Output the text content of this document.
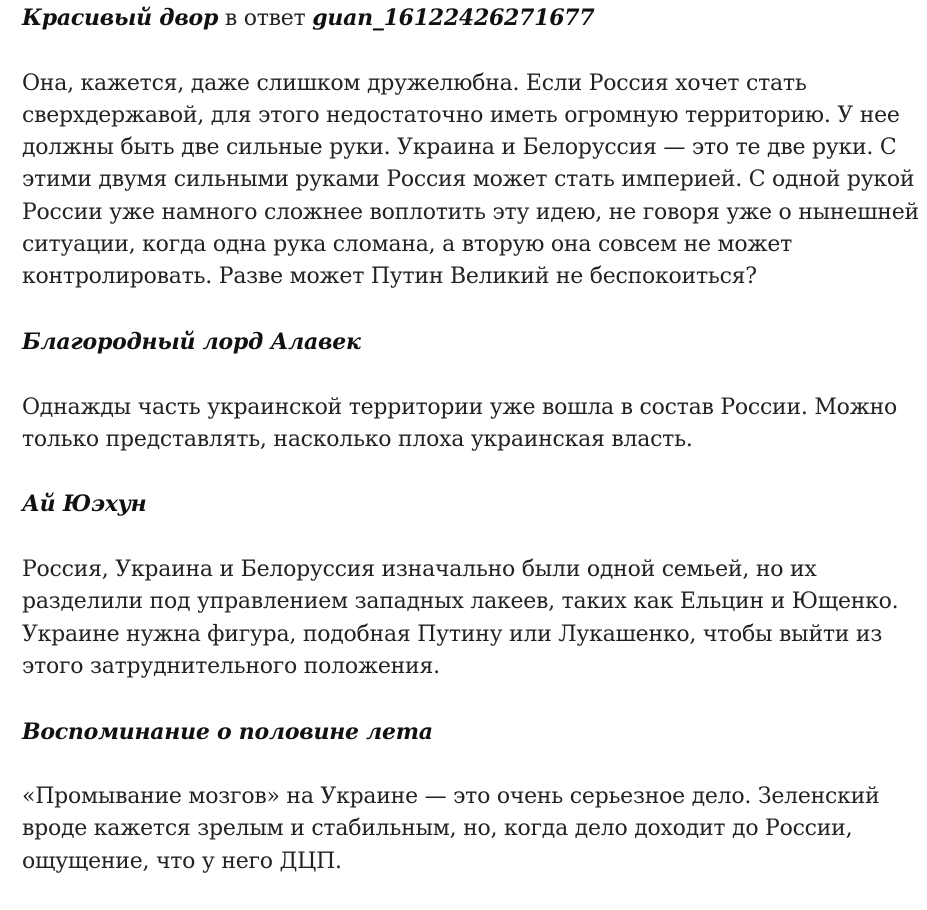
Красивый двор в ответ guan_16122426271677
Она, кажется, даже слишком дружелюбна. Если Россия хочет стать сверхдержавой, для этого недостаточно иметь огромную территорию. У нее должны быть две сильные руки. Украина и Белоруссия — это те две руки. С этими двумя сильными руками Россия может стать империей. С одной рукой России уже намного сложнее воплотить эту идею, не говоря уже о нынешней ситуации, когда одна рука сломана, а вторую она совсем не может контролировать. Разве может Путин Великий не беспокоиться?
Благородный лорд Алавек
Однажды часть украинской территории уже вошла в состав России. Можно только представлять, насколько плоха украинская власть.
Ай Юэхун
Россия, Украина и Белоруссия изначально были одной семьей, но их разделили под управлением западных лакеев, таких как Ельцин и Ющенко. Украине нужна фигура, подобная Путину или Лукашенко, чтобы выйти из этого затруднительного положения.
Воспоминание о половине лета
«Промывание мозгов» на Украине — это очень серьезное дело. Зеленский вроде кажется зрелым и стабильным, но, когда дело доходит до России, ощущение, что у него ДЦП.
